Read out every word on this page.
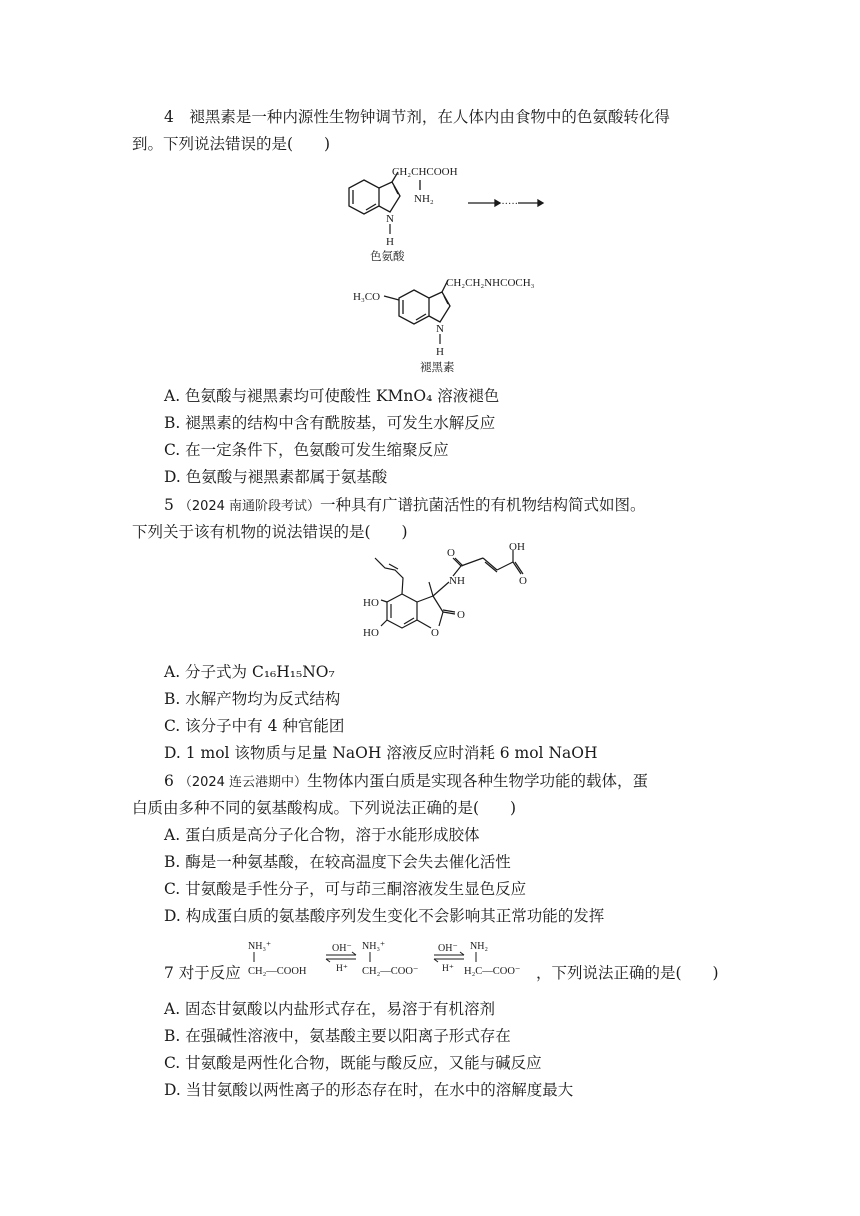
4　褪黑素是一种内源性生物钟调节剂，在人体内由食物中的色氨酸转化得
到。下列说法错误的是(　　)
CH₂CHCOOH
NH₂
N
H
色氨酸
······
CH₂CH₂NHCOCH₃
H₃CO
N
H
褪黑素
A. 色氨酸与褪黑素均可使酸性 KMnO₄ 溶液褪色
B. 褪黑素的结构中含有酰胺基，可发生水解反应
C. 在一定条件下，色氨酸可发生缩聚反应
D. 色氨酸与褪黑素都属于氨基酸
5 （2024 南通阶段考试）一种具有广谱抗菌活性的有机物结构简式如图。
下列关于该有机物的说法错误的是(　　)
OH
O
O
NH
HO
HO	O
O
A. 分子式为 C₁₆H₁₅NO₇
B. 水解产物均为反式结构
C. 该分子中有 4 种官能团
D. 1 mol 该物质与足量 NaOH 溶液反应时消耗 6 mol NaOH
6 （2024 连云港期中）生物体内蛋白质是实现各种生物学功能的载体，蛋
白质由多种不同的氨基酸构成。下列说法正确的是(　　)
A. 蛋白质是高分子化合物，溶于水能形成胶体
B. 酶是一种氨基酸，在较高温度下会失去催化活性
C. 甘氨酸是手性分子，可与茚三酮溶液发生显色反应
D. 构成蛋白质的氨基酸序列发生变化不会影响其正常功能的发挥
7 对于反应
NH₃⁺
CH₂—COOH
OH⁻
H⁺
NH₃⁺
CH₂—COO⁻
OH⁻
H⁺
NH₂
H₂C—COO⁻ ，下列说法正确的是(　　)
A. 固态甘氨酸以内盐形式存在，易溶于有机溶剂
B. 在强碱性溶液中，氨基酸主要以阳离子形式存在
C. 甘氨酸是两性化合物，既能与酸反应，又能与碱反应
D. 当甘氨酸以两性离子的形态存在时，在水中的溶解度最大
